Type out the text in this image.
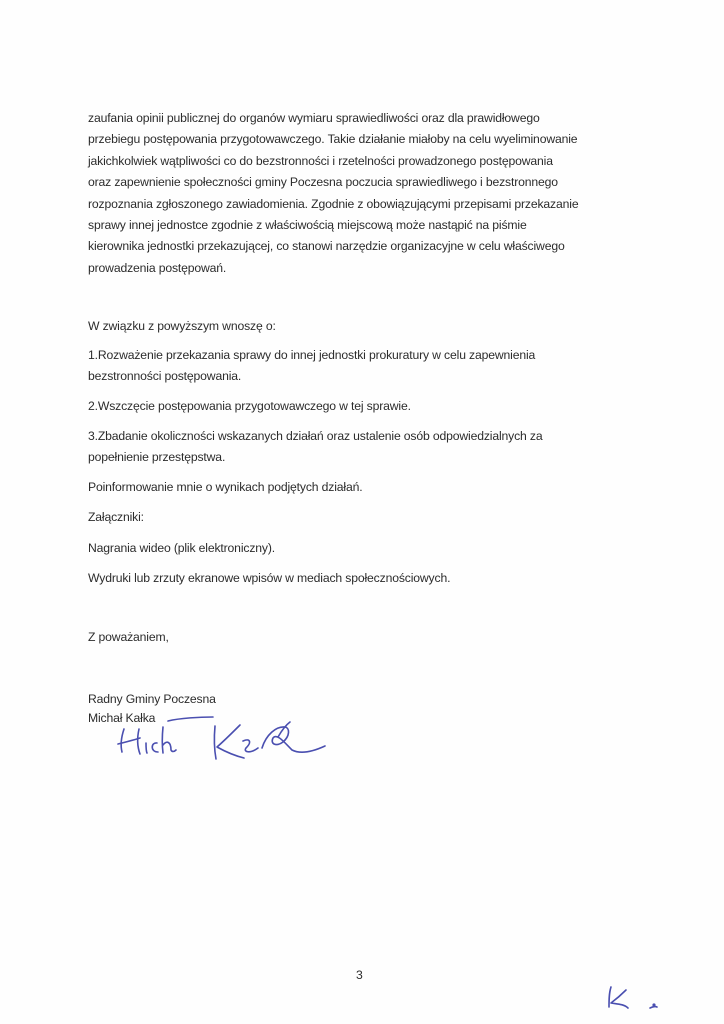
zaufania opinii publicznej do organów wymiaru sprawiedliwości oraz dla prawidłowego
przebiegu postępowania przygotowawczego. Takie działanie miałoby na celu wyeliminowanie
jakichkolwiek wątpliwości co do bezstronności i rzetelności prowadzonego postępowania
oraz zapewnienie społeczności gminy Poczesna poczucia sprawiedliwego i bezstronnego
rozpoznania zgłoszonego zawiadomienia. Zgodnie z obowiązującymi przepisami przekazanie
sprawy innej jednostce zgodnie z właściwością miejscową może nastąpić na piśmie
kierownika jednostki przekazującej, co stanowi narzędzie organizacyjne w celu właściwego
prowadzenia postępowań.
W związku z powyższym wnoszę o:
1.Rozważenie przekazania sprawy do innej jednostki prokuratury w celu zapewnienia
bezstronności postępowania.
2.Wszczęcie postępowania przygotowawczego w tej sprawie.
3.Zbadanie okoliczności wskazanych działań oraz ustalenie osób odpowiedzialnych za
popełnienie przestępstwa.
Poinformowanie mnie o wynikach podjętych działań.
Załączniki:
Nagrania wideo (plik elektroniczny).
Wydruki lub zrzuty ekranowe wpisów w mediach społecznościowych.
Z poważaniem,
Radny Gminy Poczesna
Michał Kałka
3
